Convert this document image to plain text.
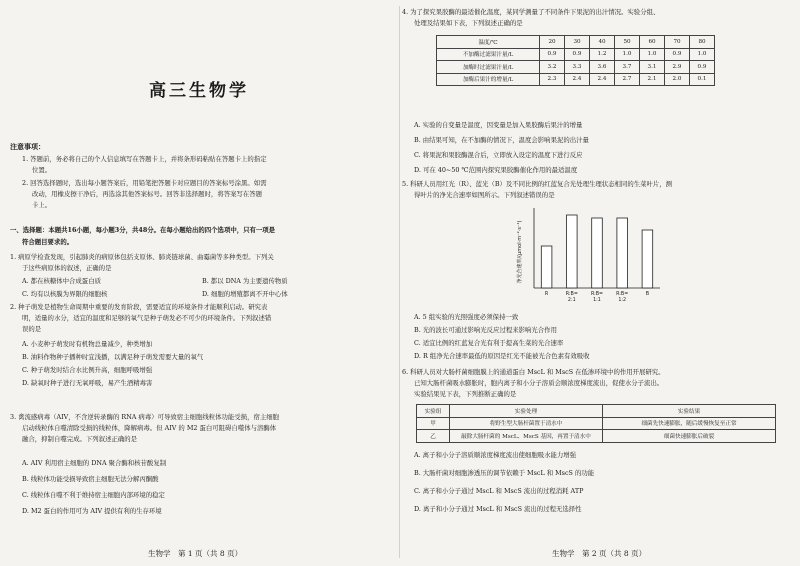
高三生物学
注意事项：
1. 答题前，务必将自己的个人信息填写在答题卡上，并将条形码粘贴在答题卡上的指定
位置。
2. 回答选择题时，选出每小题答案后，用铅笔把答题卡对应题目的答案标号涂黑。如需
改动，用橡皮擦干净后，再选涂其他答案标号。回答非选择题时，将答案写在答题
卡上。
一、选择题：本题共16小题，每小题3分，共48分。在每小题给出的四个选项中，只有一项是
符合题目要求的。
1. 病原学检查发现，引起肺炎的病原体包括支原体、肺炎链球菌、曲霉菌等多种类型。下列关
于这些病原体的叙述，正确的是
A. 都在核糖体中合成蛋白质	B. 都以 DNA 为主要遗传物质
C. 均有以核膜为界限的细胞核	D. 细胞的增殖都离不开中心体
2. 种子萌发是植物生命周期中重要的发育阶段，需要适宜的环境条件才能顺利启动。研究表
明，适量的水分，适宜的温度和足够的氧气是种子萌发必不可少的环境条件。下列叙述错
误的是
A. 小麦种子萌发时有机物总量减少，种类增加
B. 油料作物种子播种时宜浅播，以满足种子萌发需要大量的氧气
C. 种子萌发时结合水比例升高，细胞呼吸增强
D. 缺氧时种子进行无氧呼吸，易产生酒精毒害
3. 禽流感病毒（AIV，不含逆转录酶的 RNA 病毒）可导致宿主细胞线粒体功能受损，宿主细胞
启动线粒体自噬清除受损的线粒体，降解病毒。但 AIV 的 M2 蛋白可阻碍自噬体与溶酶体
融合，抑制自噬完成。下列叙述正确的是
A. AIV 利用宿主细胞的 DNA 聚合酶和核苷酸复制
B. 线粒体功能受损导致宿主细胞无法分解丙酮酸
C. 线粒体自噬不利于维持宿主细胞内部环境的稳定
D. M2 蛋白的作用可为 AIV 提供有利的生存环境
生物学　第 1 页（共 8 页）
4. 为了探究果胶酶的最适催化温度，某同学测量了不同条件下果泥的出汁情况。实验分组、
处理及结果如下表，下列叙述正确的是
温度/℃	20	30	40	50	60	70	80
不加酶过滤果汁量/L	0.9	0.9	1.2	1.0	1.0	0.9	1.0
加酶时过滤果汁量/L	3.2	3.3	3.6	3.7	3.1	2.9	0.9
加酶后果汁的增量/L	2.3	2.4	2.4	2.7	2.1	2.0	0.1
A. 实验的自变量是温度，因变量是加入果胶酶后果汁的增量
B. 由结果可知，在不加酶的情况下，温度会影响果泥的出汁量
C. 将果泥和果胶酶混合后，立即放入设定的温度下进行反应
D. 可在 40~50 ℃范围内探究果胶酶催化作用的最适温度
5. 科研人员用红光（R）、蓝光（B）及不同比例的红蓝复合光处理生理状态相同的生菜叶片，测
得叶片的净光合速率如图所示。下列叙述错误的是
净光合速率/(μmol·m⁻²·s⁻¹)
R	R:B=
2:1
R:B=
1:1
R:B=
1:2
B
A. 5 组实验的光照强度必须保持一致
B. 光的波长可通过影响光反应过程来影响光合作用
C. 适宜比例的红蓝复合光有利于提高生菜的光合速率
D. R 组净光合速率最低的原因是红光不能被光合色素有效吸收
6. 科研人员对大肠杆菌细胞膜上的通道蛋白 MscL 和 MscS 在低渗环境中的作用开展研究。
已知大肠杆菌吸水膨胀时，胞内离子和小分子溶质会顺浓度梯度流出，促使水分子流出。
实验结果见下表，下列推断正确的是
实验组	实验处理	实验结果
甲	将野生型大肠杆菌置于清水中	细菌先快速膨胀，随后缓慢恢复至正常
乙	敲除大肠杆菌的 MscL、MscS 基因，再置于清水中	细菌快速膨胀后破裂
A. 离子和小分子溶质顺浓度梯度流出使细胞吸水能力增强
B. 大肠杆菌对细胞渗透压的调节依赖于 MscL 和 MscS 的功能
C. 离子和小分子通过 MscL 和 MscS 流出的过程消耗 ATP
D. 离子和小分子通过 MscL 和 MscS 流出的过程无选择性
生物学　第 2 页（共 8 页）
